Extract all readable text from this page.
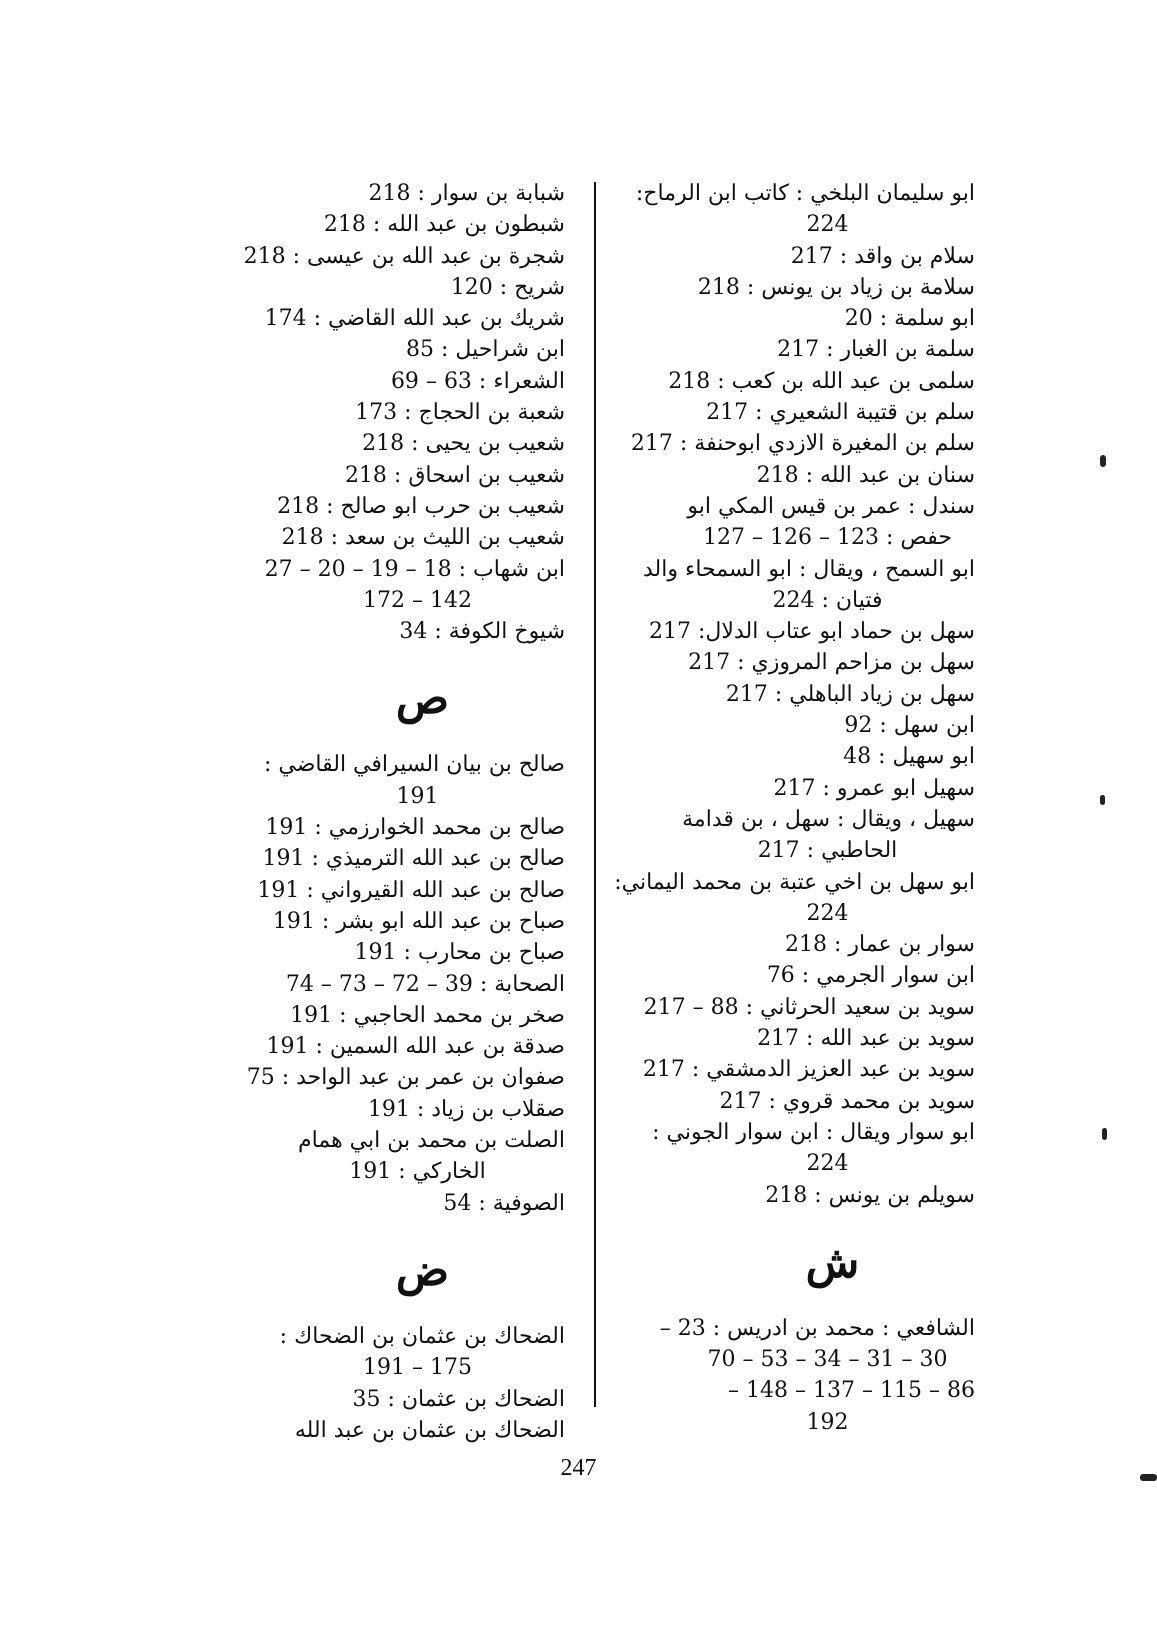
ابو سليمان البلخي : كاتب ابن الرماح:
224
سلام بن واقد : 217
سلامة بن زياد بن يونس : 218
ابو سلمة : 20
سلمة بن الغبار : 217
سلمى بن عبد الله بن كعب : 218
سلم بن قتيبة الشعيري : 217
سلم بن المغيرة الازدي ابوحنفة : 217
سنان بن عبد الله : 218
سندل : عمر بن قيس المكي ابو
حفص : 123 – 126 – 127
ابو السمح ، ويقال : ابو السمحاء والد
فتيان : 224
سهل بن حماد ابو عتاب الدلال: 217
سهل بن مزاحم المروزي : 217
سهل بن زياد الباهلي : 217
ابن سهل : 92
ابو سهيل : 48
سهيل ابو عمرو : 217
سهيل ، ويقال : سهل ، بن قدامة
الحاطبي : 217
ابو سهل بن اخي عتبة بن محمد اليماني:
224
سوار بن عمار : 218
ابن سوار الجرمي : 76
سويد بن سعيد الحرثاني : 88 – 217
سويد بن عبد الله : 217
سويد بن عبد العزيز الدمشقي : 217
سويد بن محمد قروي : 217
ابو سوار ويقال : ابن سوار الجوني :
224
سويلم بن يونس : 218
ش
الشافعي : محمد بن ادريس : 23 –
30 – 31 – 34 – 53 – 70
86 – 115 – 137 – 148 –
192
شبابة بن سوار : 218
شبطون بن عبد الله : 218
شجرة بن عبد الله بن عيسى : 218
شريح : 120
شريك بن عبد الله القاضي : 174
ابن شراحيل : 85
الشعراء : 63 – 69
شعبة بن الحجاج : 173
شعيب بن يحيى : 218
شعيب بن اسحاق : 218
شعيب بن حرب ابو صالح : 218
شعيب بن الليث بن سعد : 218
ابن شهاب : 18 – 19 – 20 – 27
142 – 172
شيوخ الكوفة : 34
ص
صالح بن بيان السيرافي القاضي :
191
صالح بن محمد الخوارزمي : 191
صالح بن عبد الله الترميذي : 191
صالح بن عبد الله القيرواني : 191
صباح بن عبد الله ابو بشر : 191
صباح بن محارب : 191
الصحابة : 39 – 72 – 73 – 74
صخر بن محمد الحاجبي : 191
صدقة بن عبد الله السمين : 191
صفوان بن عمر بن عبد الواحد : 75
صقلاب بن زياد : 191
الصلت بن محمد بن ابي همام
الخاركي : 191
الصوفية : 54
ض
الضحاك بن عثمان بن الضحاك :
175 – 191
الضحاك بن عثمان : 35
الضحاك بن عثمان بن عبد الله
247
